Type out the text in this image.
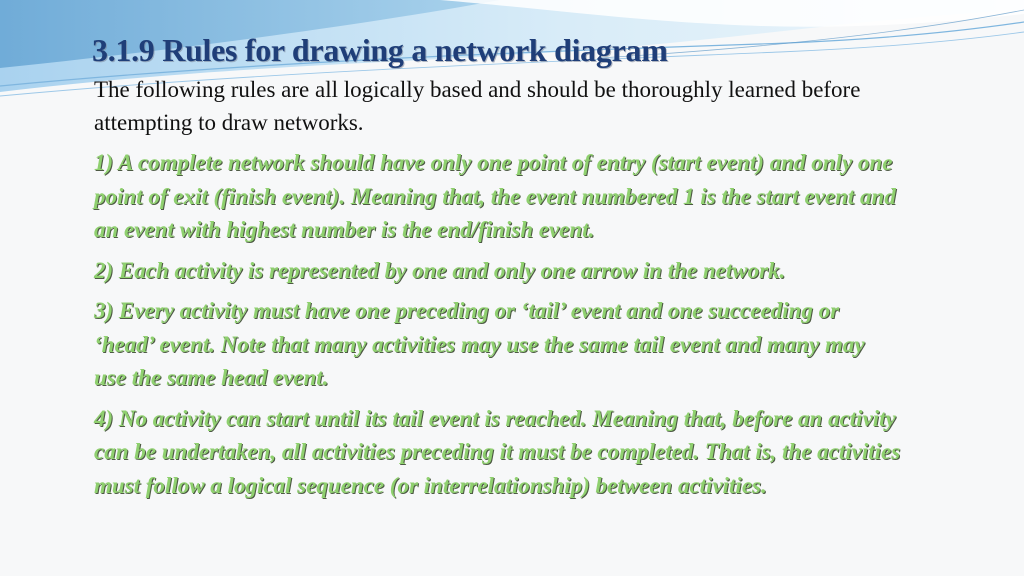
3.1.9 Rules for drawing a network diagram

The following rules are all logically based and should be thoroughly learned before attempting to draw networks.

1) A complete network should have only one point of entry (start event) and only one point of exit (finish event). Meaning that, the event numbered 1 is the start event and an event with highest number is the end/finish event.

2) Each activity is represented by one and only one arrow in the network.

3) Every activity must have one preceding or ‘tail’ event and one succeeding or ‘head’ event. Note that many activities may use the same tail event and many may use the same head event.

4) No activity can start until its tail event is reached. Meaning that, before an activity can be undertaken, all activities preceding it must be completed. That is, the activities must follow a logical sequence (or interrelationship) between activities.
